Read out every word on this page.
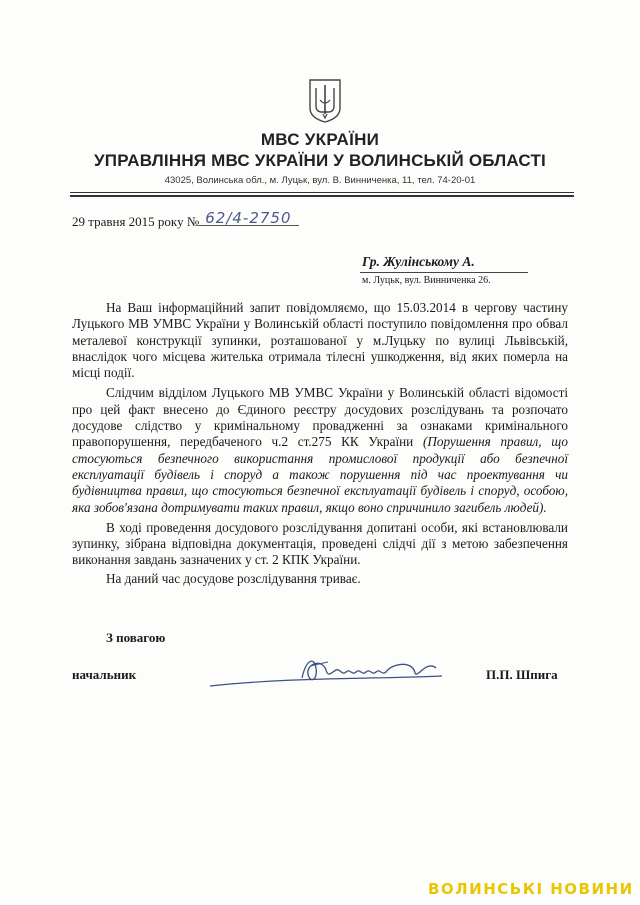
МВС УКРАЇНИ
УПРАВЛІННЯ МВС УКРАЇНИ У ВОЛИНСЬКІЙ ОБЛАСТІ
43025, Волинська обл., м. Луцьк, вул. В. Винниченка, 11, тел. 74-20-01
29 травня 2015 року № 62/4-2750
Гр. Жулінському А.
м. Луцьк, вул. Винниченка 26.

На Ваш інформаційний запит повідомляємо, що 15.03.2014 в чергову частину Луцького МВ УМВС України у Волинській області поступило повідомлення про обвал металевої конструкції зупинки, розташованої у м.Луцьку по вулиці Львівській, внаслідок чого місцева жителька отримала тілесні ушкодження, від яких померла на місці події.

Слідчим відділом Луцького МВ УМВС України у Волинській області відомості про цей факт внесено до Єдиного реєстру досудових розслідувань та розпочато досудове слідство у кримінальному провадженні за ознаками кримінального правопорушення, передбаченого ч.2 ст.275 КК України (Порушення правил, що стосуються безпечного використання промислової продукції або безпечної експлуатації будівель і споруд а також порушення під час проектування чи будівництва правил, що стосуються безпечної експлуатації будівель і споруд, особою, яка зобов'язана дотримувати таких правил, якщо воно спричинило загибель людей).

В ході проведення досудового розслідування допитані особи, які встановлювали зупинку, зібрана відповідна документація, проведені слідчі дії з метою забезпечення виконання завдань зазначених у ст. 2 КПК України.

На даний час досудове розслідування триває.

З повагою
начальник	П.П. Шпига
ВОЛИНСЬКІ НОВИНИ
